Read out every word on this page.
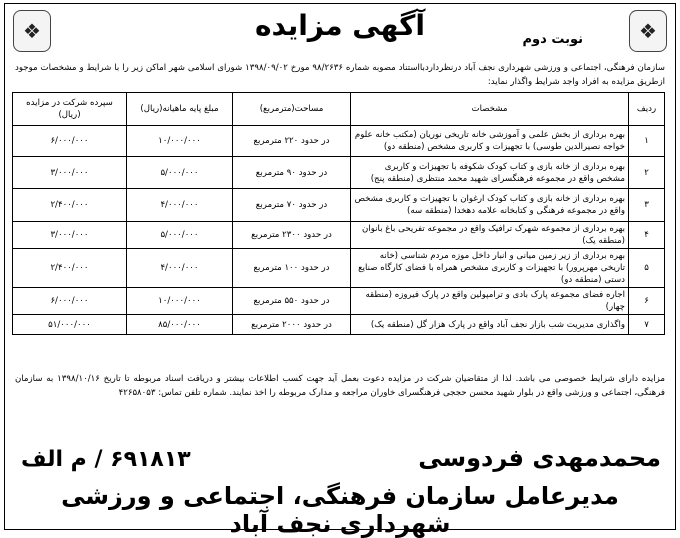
❖
❖	آگهی مزایده	نوبت دوم
سازمان فرهنگی، اجتماعی و ورزشی شهرداری نجف آباد درنظرداردبااستناد مصوبه شماره ۹۸/۲۶۳۶ مورخ ۱۳۹۸/۰۹/۰۲ شورای اسلامی شهر اماکن زیر را با شرایط و مشخصات موجود ازطریق مزایده به افراد واجد شرایط واگذار نماید:
ردیف	مشخصات	مساحت(مترمربع)	مبلغ پایه ماهیانه(ریال)	سپرده شرکت در مزایده (ریال)
۱	بهره برداری از بخش علمی و آموزشی خانه تاریخی نوریان (مکتب خانه علوم خواجه نصیرالدین طوسی) با تجهیزات و کاربری مشخص (منطقه دو)	در حدود ۲۲۰ مترمربع	۱۰/۰۰۰/۰۰۰	۶/۰۰۰/۰۰۰
۲	بهره برداری از خانه بازی و کتاب کودک شکوفه با تجهیزات و کاربری مشخص واقع در مجموعه فرهنگسرای شهید محمد منتظری (منطقه پنج)	در حدود ۹۰ مترمربع	۵/۰۰۰/۰۰۰	۳/۰۰۰/۰۰۰
۳	بهره برداری از خانه بازی و کتاب کودک ارغوان با تجهیزات و کاربری مشخص واقع در مجموعه فرهنگی و کتابخانه علامه دهخدا (منطقه سه)	در حدود ۷۰ مترمربع	۴/۰۰۰/۰۰۰	۲/۴۰۰/۰۰۰
۴	بهره برداری از مجموعه شهرک ترافیک واقع در مجموعه تفریحی باغ بانوان (منطقه یک)	در حدود ۲۳۰۰ مترمربع	۵/۰۰۰/۰۰۰	۳/۰۰۰/۰۰۰
۵	بهره برداری از زیر زمین میانی و انبار داخل موزه مردم شناسی (خانه تاریخی مهرپرور) با تجهیزات و کاربری مشخص همراه با فضای کارگاه صنایع دستی (منطقه دو)	در حدود ۱۰۰ مترمربع	۴/۰۰۰/۰۰۰	۲/۴۰۰/۰۰۰
۶	اجاره فضای مجموعه پارک بادی و ترامپولین واقع در پارک فیروزه (منطقه چهار)	در حدود ۵۵۰ مترمربع	۱۰/۰۰۰/۰۰۰	۶/۰۰۰/۰۰۰
۷	واگذاری مدیریت شب بازار نجف آباد واقع در پارک هزار گل (منطقه یک)	در حدود ۲۰۰۰ مترمربع	۸۵/۰۰۰/۰۰۰	۵۱/۰۰۰/۰۰۰
مزایده دارای شرایط خصوصی می باشد. لذا از متقاضیان شرکت در مزایده دعوت بعمل آید جهت کسب اطلاعات بیشتر و دریافت اسناد مربوطه تا تاریخ ۱۳۹۸/۱۰/۱۶ به سازمان فرهنگی، اجتماعی و ورزشی واقع در بلوار شهید محسن حججی فرهنگسرای خاوران مراجعه و مدارک مربوطه را اخذ نمایند. شماره تلفن تماس: ۴۲۶۵۸۰۵۳
محمدمهدی فردوسی
۶۹۱۸۱۳ / م الف
مدیرعامل سازمان فرهنگی، اجتماعی و ورزشی شهرداری نجف آباد
